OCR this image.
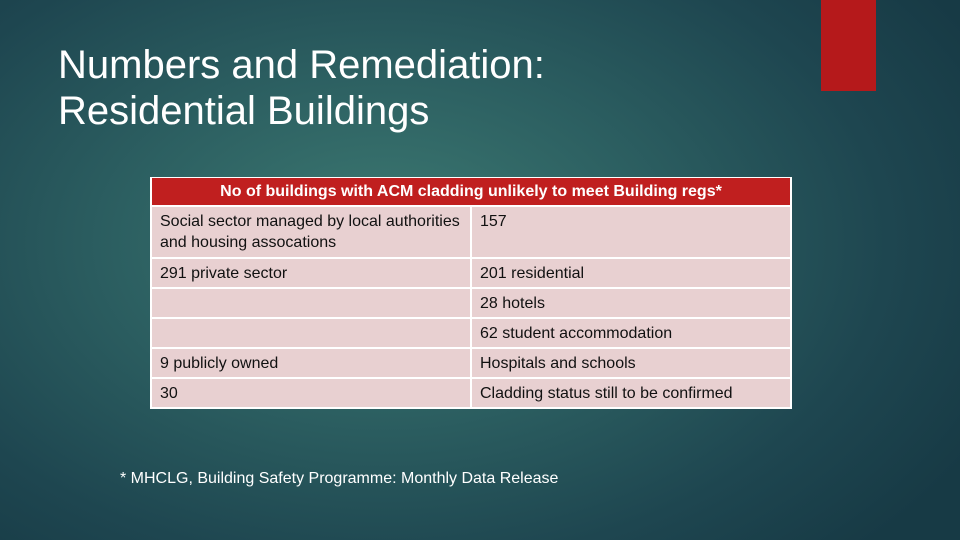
Numbers and Remediation:
Residential Buildings
No of buildings with ACM cladding unlikely to meet Building regs*	
Social sector managed by local authorities and housing assocations	157
291 private sector	201 residential
	28 hotels
	62 student accommodation
9 publicly owned	Hospitals and schools
30	Cladding status still to be confirmed

* MHCLG, Building Safety Programme: Monthly Data Release
